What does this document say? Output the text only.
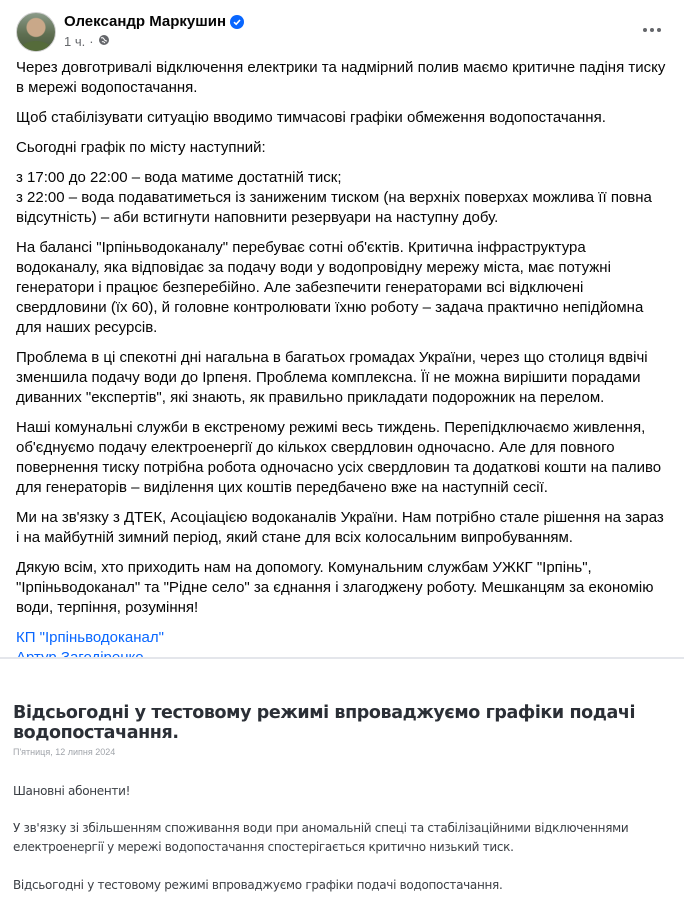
Олександр Маркушин
1 ч. ·

Через довготривалі відключення електрики та надмірний полив маємо критичне падіня тиску в мережі водопостачання.

Щоб стабілізувати ситуацію вводимо тимчасові графіки обмеження водопостачання.

Сьогодні графік по місту наступний:

з 17:00 до 22:00 – вода матиме достатній тиск;

з 22:00 – вода подаватиметься із заниженим тиском (на верхніх поверхах можлива її повна відсутність) – аби встигнути наповнити резервуари на наступну добу.

На балансі "Ірпіньводоканалу" перебуває сотні об'єктів. Критична інфраструктура водоканалу, яка відповідає за подачу води у водопровідну мережу міста, має потужні генератори і працює безперебійно. Але забезпечити генераторами всі відключені свердловини (їх 60), й головне контролювати їхню роботу – задача практично непідйомна для наших ресурсів.

Проблема в ці спекотні дні нагальна в багатьох громадах України, через що столиця вдвічі зменшила подачу води до Ірпеня. Проблема комплексна. Її не можна вирішити порадами диванних "експертів", які знають, як правильно прикладати подорожник на перелом.

Наші комунальні служби в екстреному режимі весь тиждень. Перепідключаємо живлення, об'єднуємо подачу електроенергії до кількох свердловин одночасно. Але для повного повернення тиску потрібна робота одночасно усіх свердловин та додаткові кошти на паливо для генераторів – виділення цих коштів передбачено вже на наступній сесії.

Ми на зв'язку з ДТЕК, Асоціацією водоканалів України. Нам потрібно стале рішення на зараз і на майбутній зимний період, який стане для всіх колосальним випробуванням.

Дякую всім, хто приходить нам на допомогу. Комунальним службам УЖКГ "Ірпінь", "Ірпіньводоканал" та "Рідне село" за єднання і злагоджену роботу. Мешканцям за економію води, терпіння, розуміння!

КП "Ірпіньводоканал"
Відсьогодні у тестовому режимі впроваджуємо графіки подачі водопостачання.
П'ятниця, 12 липня 2024
Шановні абоненти!
У зв'язку зі збільшенням споживання води при аномальній спеці та стабілізаційними відключеннями електроенергії у мережі водопостачання спостерігається критично низький тиск.
Відсьогодні у тестовому режимі впроваджуємо графіки подачі водопостачання.
